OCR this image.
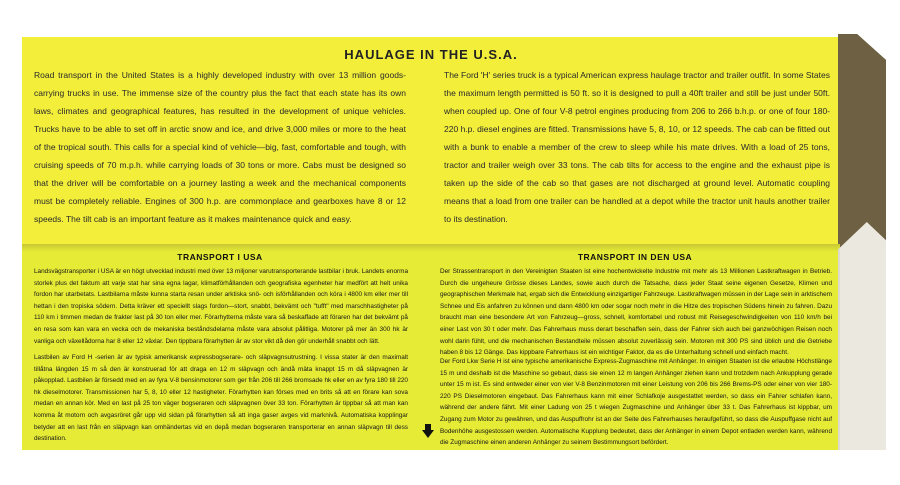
HAULAGE IN THE U.S.A.
Road transport in the United States is a highly developed industry with over 13 million goods-carrying trucks in use. The immense size of the country plus the fact that each state has its own laws, climates and geographical features, has resulted in the development of unique vehicles. Trucks have to be able to set off in arctic snow and ice, and drive 3,000 miles or more to the heat of the tropical south. This calls for a special kind of vehicle—big, fast, comfortable and tough, with cruising speeds of 70 m.p.h. while carrying loads of 30 tons or more. Cabs must be designed so that the driver will be comfortable on a journey lasting a week and the mechanical components must be completely reliable. Engines of 300 h.p. are commonplace and gearboxes have 8 or 12 speeds. The tilt cab is an important feature as it makes maintenance quick and easy.
The Ford 'H' series truck is a typical American express haulage tractor and trailer outfit. In some States the maximum length permitted is 50 ft. so it is designed to pull a 40ft trailer and still be just under 50ft. when coupled up. One of four V-8 petrol engines producing from 206 to 266 b.h.p. or one of four 180-220 h.p. diesel engines are fitted. Transmissions have 5, 8, 10, or 12 speeds. The cab can be fitted out with a bunk to enable a member of the crew to sleep while his mate drives. With a load of 25 tons, tractor and trailer weigh over 33 tons. The cab tilts for access to the engine and the exhaust pipe is taken up the side of the cab so that gases are not discharged at ground level. Automatic coupling means that a load from one trailer can be handled at a depot while the tractor unit hauls another trailer to its destination.
TRANSPORT I USA
Landsvägstransporter i USA är en högt utvecklad industri med över 13 miljoner varutransporterande lastbilar i bruk. Landets enorma storlek plus det faktum att varje stat har sina egna lagar, klimatförhållanden och geografiska egenheter har medfört att helt unika fordon har utarbetats. Lastbilarna måste kunna starta resan under arktiska snö- och isförhållanden och köra i 4800 km eller mer till hettan i den tropiska södern. Detta kräver ett speciellt slags fordon—stort, snabbt, bekvämt och "tufft" med marschhastigheter på 110 km i timmen medan de frakter last på 30 ton eller mer. Förarhytterna måste vara så beskaffade att föraren har det bekvämt på en resa som kan vara en vecka och de mekaniska beståndsdelarna måste vara absolut pålitliga. Motorer på mer än 300 hk är vanliga och växellådorna har 8 eller 12 växlar. Den tippbara förarhytten är av stor vikt då den gör underhåll snabbt och lätt.
Lastbilen av Ford H -serien är av typisk amerikansk expressbogserare- och släpvagnsutrustning. I vissa stater är den maximalt tillåtna längden 15 m så den är konstruerad för att draga en 12 m släpvagn och ändå mäta knappt 15 m då släpvagnen är påkopplad. Lastbilen är försedd med en av fyra V-8 bensinmotorer som ger från 206 till 266 bromsade hk eller en av fyra 180 till 220 hk dieselmotorer. Transmissionen har 5, 8, 10 eller 12 hastigheter. Förarhytten kan förses med en brits så att en förare kan sova medan en annan kör. Med en last på 25 ton väger bogseraren och släpvagnen över 33 ton. Förarhytten är tippbar så att man kan komma åt motorn och avgasröret går upp vid sidan på förarhytten så att inga gaser avges vid marknivå. Automatiska kopplingar betyder att en last från en släpvagn kan omhändertas vid en depå medan bogseraren transporterar en annan släpvagn till dess destination.
TRANSPORT IN DEN USA
Der Strassentransport in den Vereinigten Staaten ist eine hochentwickelte Industrie mit mehr als 13 Millionen Lastkraftwagen in Betrieb. Durch die ungeheure Grösse dieses Landes, sowie auch durch die Tatsache, dass jeder Staat seine eigenen Gesetze, Klimen und geographischen Merkmale hat, ergab sich die Entwicklung einzigartiger Fahrzeuge. Lastkraftwagen müssen in der Lage sein in arktischem Schnee und Eis anfahren zu können und dann 4800 km oder sogar noch mehr in die Hitze des tropischen Südens hinein zu fahren. Dazu braucht man eine besondere Art von Fahrzeug—gross, schnell, komfortabel und robust mit Reisegeschwindigkeiten von 110 km/h bei einer Last von 30 t oder mehr. Das Fahrerhaus muss derart beschaffen sein, dass der Fahrer sich auch bei ganzwöchigen Reisen noch wohl darin fühlt, und die mechanischen Bestandteile müssen absolut zuverlässig sein. Motoren mit 300 PS sind üblich und die Getriebe haben 8 bis 12 Gänge. Das kippbare Fahrerhaus ist ein wichtiger Faktor, da es die Unterhaltung schnell und einfach macht.
Der Ford Lkw Serie H ist eine typische amerikanische Express-Zugmaschine mit Anhänger. In einigen Staaten ist die erlaubte Höchstlänge 15 m und deshalb ist die Maschine so gebaut, dass sie einen 12 m langen Anhänger ziehen kann und trotzdem nach Ankupplung gerade unter 15 m ist. Es sind entweder einer von vier V-8 Benzinmotoren mit einer Leistung von 206 bis 266 Brems-PS oder einer von vier 180-220 PS Dieselmotoren eingebaut. Das Fahrerhaus kann mit einer Schlafkoje ausgestattet werden, so dass ein Fahrer schlafen kann, während der andere fährt. Mit einer Ladung von 25 t wiegen Zugmaschine und Anhänger über 33 t. Das Fahrerhaus ist kippbar, um Zugang zum Motor zu gewähren, und das Auspuffrohr ist an der Seite des Fahrerhauses heraufgeführt, so dass die Auspuffgase nicht auf Bodenhöhe ausgestossen werden. Automatische Kupplung bedeutet, dass der Anhänger in einem Depot entladen werden kann, während die Zugmaschine einen anderen Anhänger zu seinem Bestimmungsort befördert.
